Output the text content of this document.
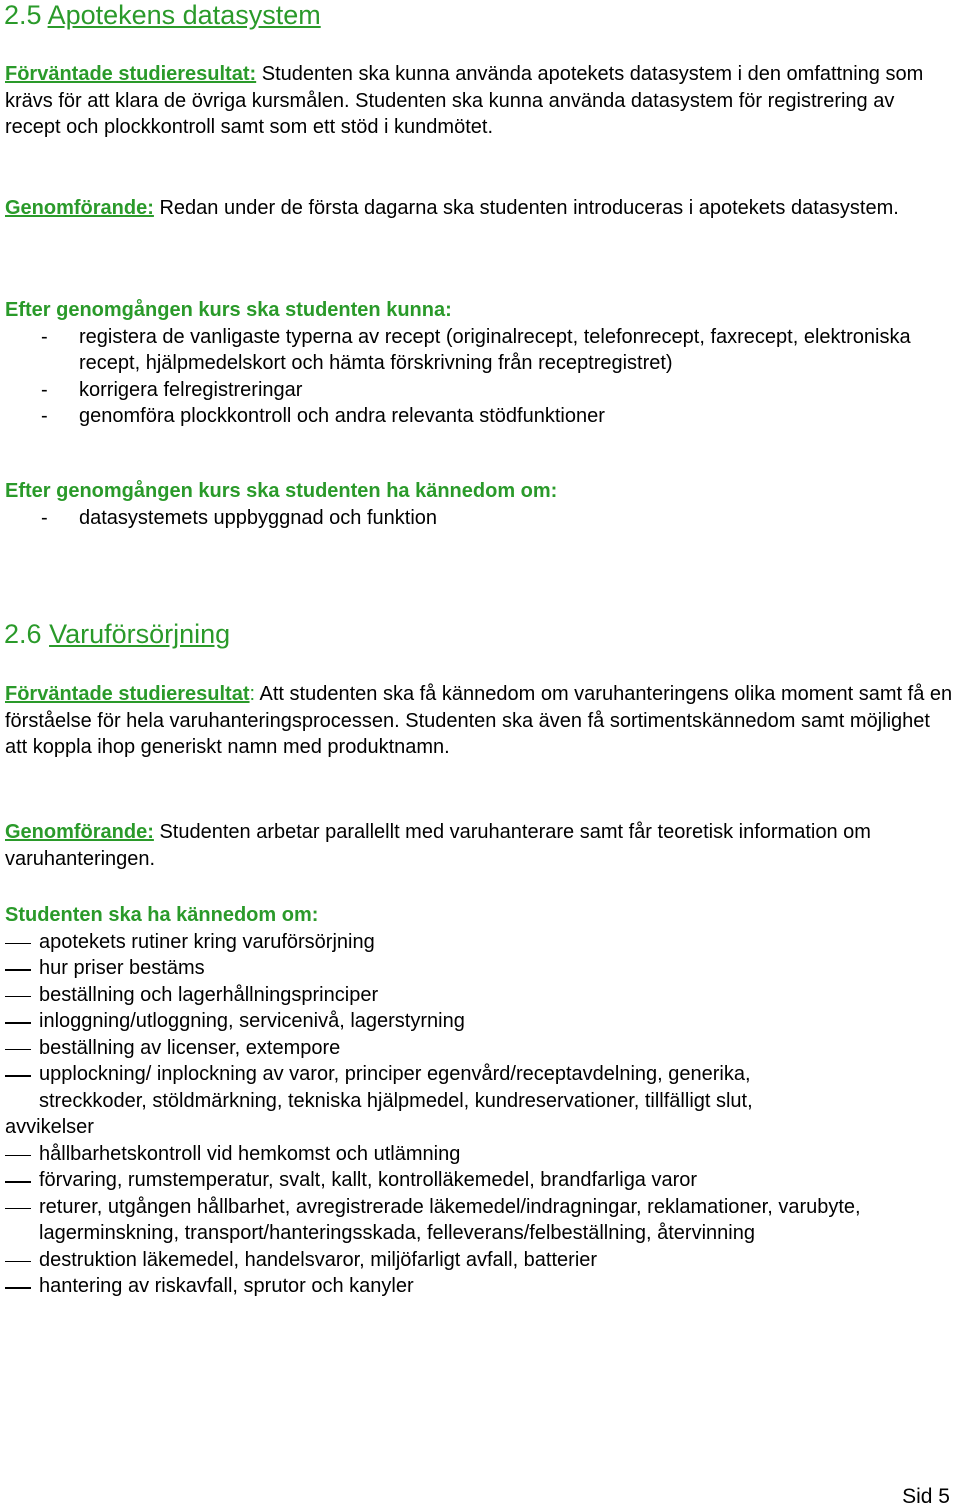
2.5 Apotekens datasystem

Förväntade studieresultat: Studenten ska kunna använda apotekets datasystem i den omfattning som krävs för att klara de övriga kursmålen. Studenten ska kunna använda datasystem för registrering av recept och plockkontroll samt som ett stöd i kundmötet.

Genomförande: Redan under de första dagarna ska studenten introduceras i apotekets datasystem.

Efter genomgången kurs ska studenten kunna:

- registera de vanligaste typerna av recept (originalrecept, telefonrecept, faxrecept, elektroniska recept, hjälpmedelskort och hämta förskrivning från receptregistret)
- korrigera felregistreringar
- genomföra plockkontroll och andra relevanta stödfunktioner

Efter genomgången kurs ska studenten ha kännedom om:

- datasystemets uppbyggnad och funktion
2.6 Varuförsörjning

Förväntade studieresultat: Att studenten ska få kännedom om varuhanteringens olika moment samt få en förståelse för hela varuhanteringsprocessen. Studenten ska även få sortimentskännedom samt möjlighet att koppla ihop generiskt namn med produktnamn.

Genomförande: Studenten arbetar parallellt med varuhanterare samt får teoretisk information om varuhanteringen.

Studenten ska ha kännedom om:

apotekets rutiner kring varuförsörjning
hur priser bestäms
beställning och lagerhållningsprinciper
inloggning/utloggning, servicenivå, lagerstyrning
beställning av licenser, extempore
upplockning/ inplockning av varor, principer egenvård/receptavdelning, generika,
streckkoder, stöldmärkning, tekniska hjälpmedel, kundreservationer, tillfälligt slut,
avvikelser
hållbarhetskontroll vid hemkomst och utlämning
förvaring, rumstemperatur, svalt, kallt, kontrolläkemedel, brandfarliga varor
returer, utgången hållbarhet, avregistrerade läkemedel/indragningar, reklamationer, varubyte, lagerminskning, transport/hanteringsskada, felleverans/felbeställning, återvinning
destruktion läkemedel, handelsvaror, miljöfarligt avfall, batterier
hantering av riskavfall, sprutor och kanyler
Sid 5
